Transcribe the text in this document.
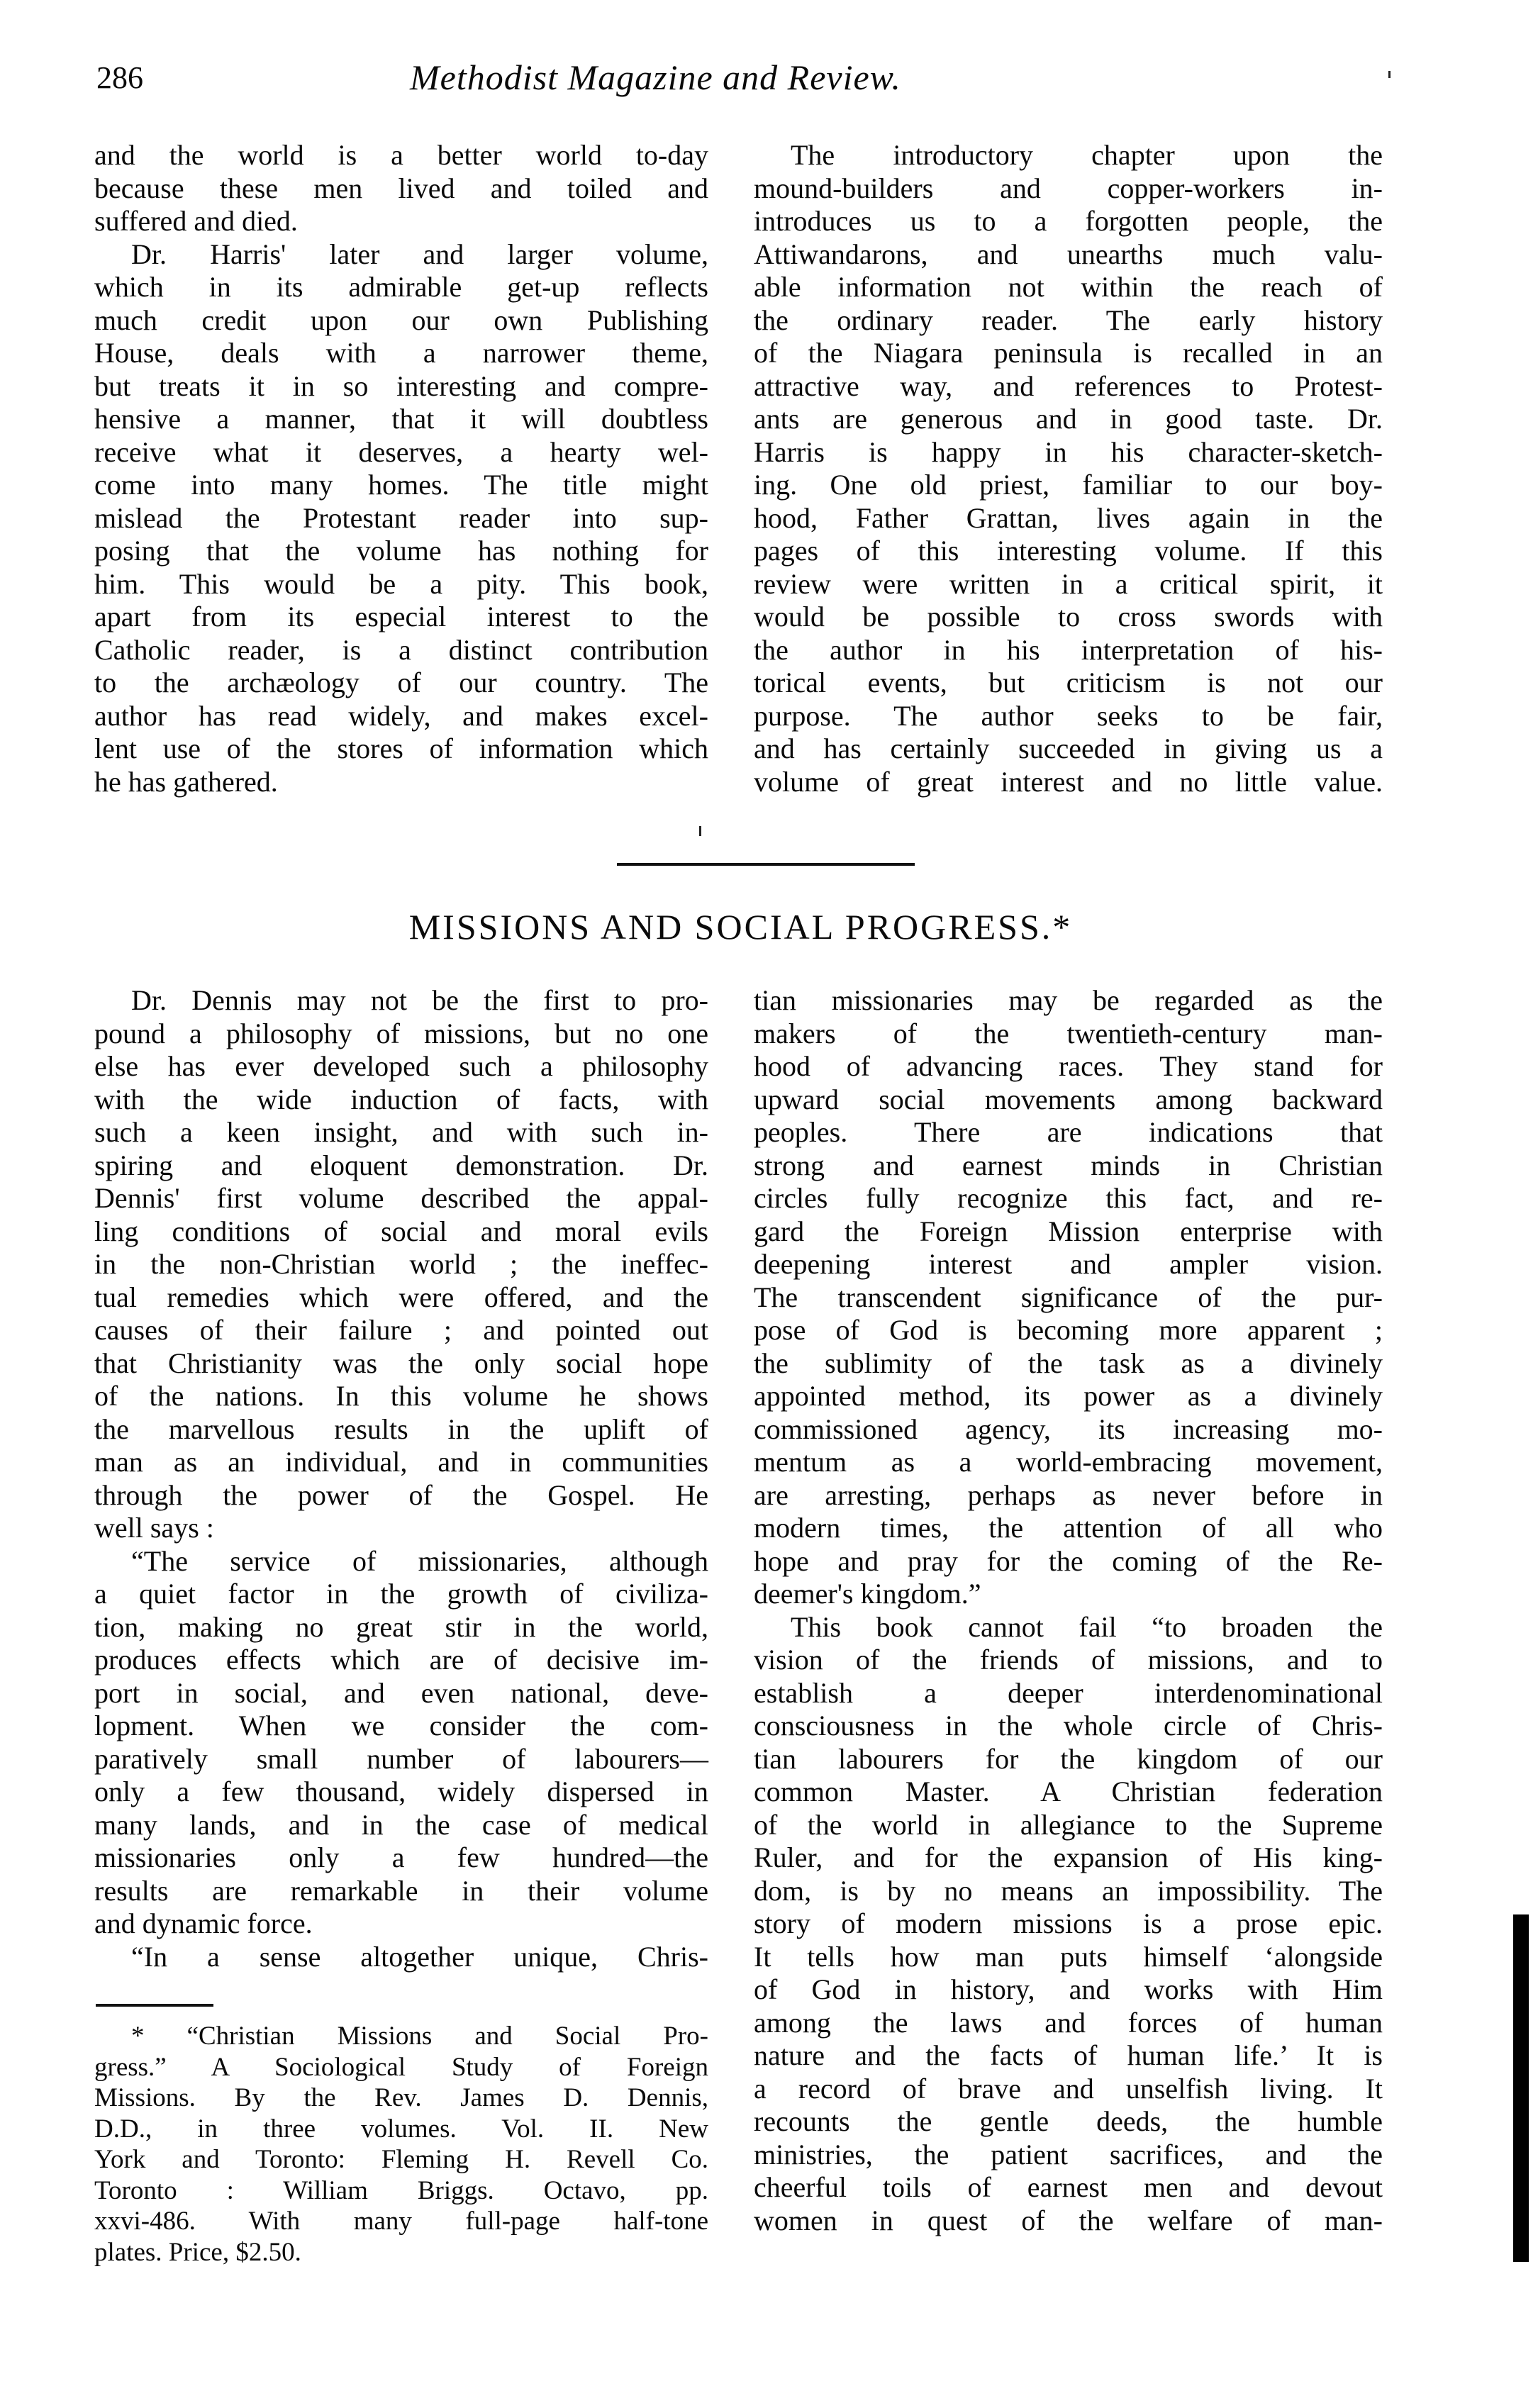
286	Methodist Magazine and Review.
and the world is a better world to-day
because these men lived and toiled and
suffered and died.
Dr. Harris' later and larger volume,
which in its admirable get-up reflects
much credit upon our own Publishing
House, deals with a narrower theme,
but treats it in so interesting and compre-
hensive a manner, that it will doubtless
receive what it deserves, a hearty wel-
come into many homes. The title might
mislead the Protestant reader into sup-
posing that the volume has nothing for
him. This would be a pity. This book,
apart from its especial interest to the
Catholic reader, is a distinct contribution
to the archæology of our country. The
author has read widely, and makes excel-
lent use of the stores of information which
he has gathered.
The introductory chapter upon the
mound-builders and copper-workers in-
introduces us to a forgotten people, the
Attiwandarons, and unearths much valu-
able information not within the reach of
the ordinary reader. The early history
of the Niagara peninsula is recalled in an
attractive way, and references to Protest-
ants are generous and in good taste. Dr.
Harris is happy in his character-sketch-
ing. One old priest, familiar to our boy-
hood, Father Grattan, lives again in the
pages of this interesting volume. If this
review were written in a critical spirit, it
would be possible to cross swords with
the author in his interpretation of his-
torical events, but criticism is not our
purpose. The author seeks to be fair,
and has certainly succeeded in giving us a
volume of great interest and no little value.
MISSIONS AND SOCIAL PROGRESS.*
Dr. Dennis may not be the first to pro-
pound a philosophy of missions, but no one
else has ever developed such a philosophy
with the wide induction of facts, with
such a keen insight, and with such in-
spiring and eloquent demonstration. Dr.
Dennis' first volume described the appal-
ling conditions of social and moral evils
in the non-Christian world ; the ineffec-
tual remedies which were offered, and the
causes of their failure ; and pointed out
that Christianity was the only social hope
of the nations. In this volume he shows
the marvellous results in the uplift of
man as an individual, and in communities
through the power of the Gospel. He
well says :
“The service of missionaries, although
a quiet factor in the growth of civiliza-
tion, making no great stir in the world,
produces effects which are of decisive im-
port in social, and even national, deve-
lopment. When we consider the com-
paratively small number of labourers—
only a few thousand, widely dispersed in
many lands, and in the case of medical
missionaries only a few hundred—the
results are remarkable in their volume
and dynamic force.
“In a sense altogether unique, Chris-
* “Christian Missions and Social Pro-
gress.” A Sociological Study of Foreign
Missions. By the Rev. James D. Dennis,
D.D., in three volumes. Vol. II. New
York and Toronto: Fleming H. Revell Co.
Toronto : William Briggs. Octavo, pp.
xxvi-486. With many full-page half-tone
plates. Price, $2.50.
tian missionaries may be regarded as the
makers of the twentieth-century man-
hood of advancing races. They stand for
upward social movements among backward
peoples. There are indications that
strong and earnest minds in Christian
circles fully recognize this fact, and re-
gard the Foreign Mission enterprise with
deepening interest and ampler vision.
The transcendent significance of the pur-
pose of God is becoming more apparent ;
the sublimity of the task as a divinely
appointed method, its power as a divinely
commissioned agency, its increasing mo-
mentum as a world-embracing movement,
are arresting, perhaps as never before in
modern times, the attention of all who
hope and pray for the coming of the Re-
deemer's kingdom.”
This book cannot fail “to broaden the
vision of the friends of missions, and to
establish a deeper interdenominational
consciousness in the whole circle of Chris-
tian labourers for the kingdom of our
common Master. A Christian federation
of the world in allegiance to the Supreme
Ruler, and for the expansion of His king-
dom, is by no means an impossibility. The
story of modern missions is a prose epic.
It tells how man puts himself ‘alongside
of God in history, and works with Him
among the laws and forces of human
nature and the facts of human life.’ It is
a record of brave and unselfish living. It
recounts the gentle deeds, the humble
ministries, the patient sacrifices, and the
cheerful toils of earnest men and devout
women in quest of the welfare of man-
